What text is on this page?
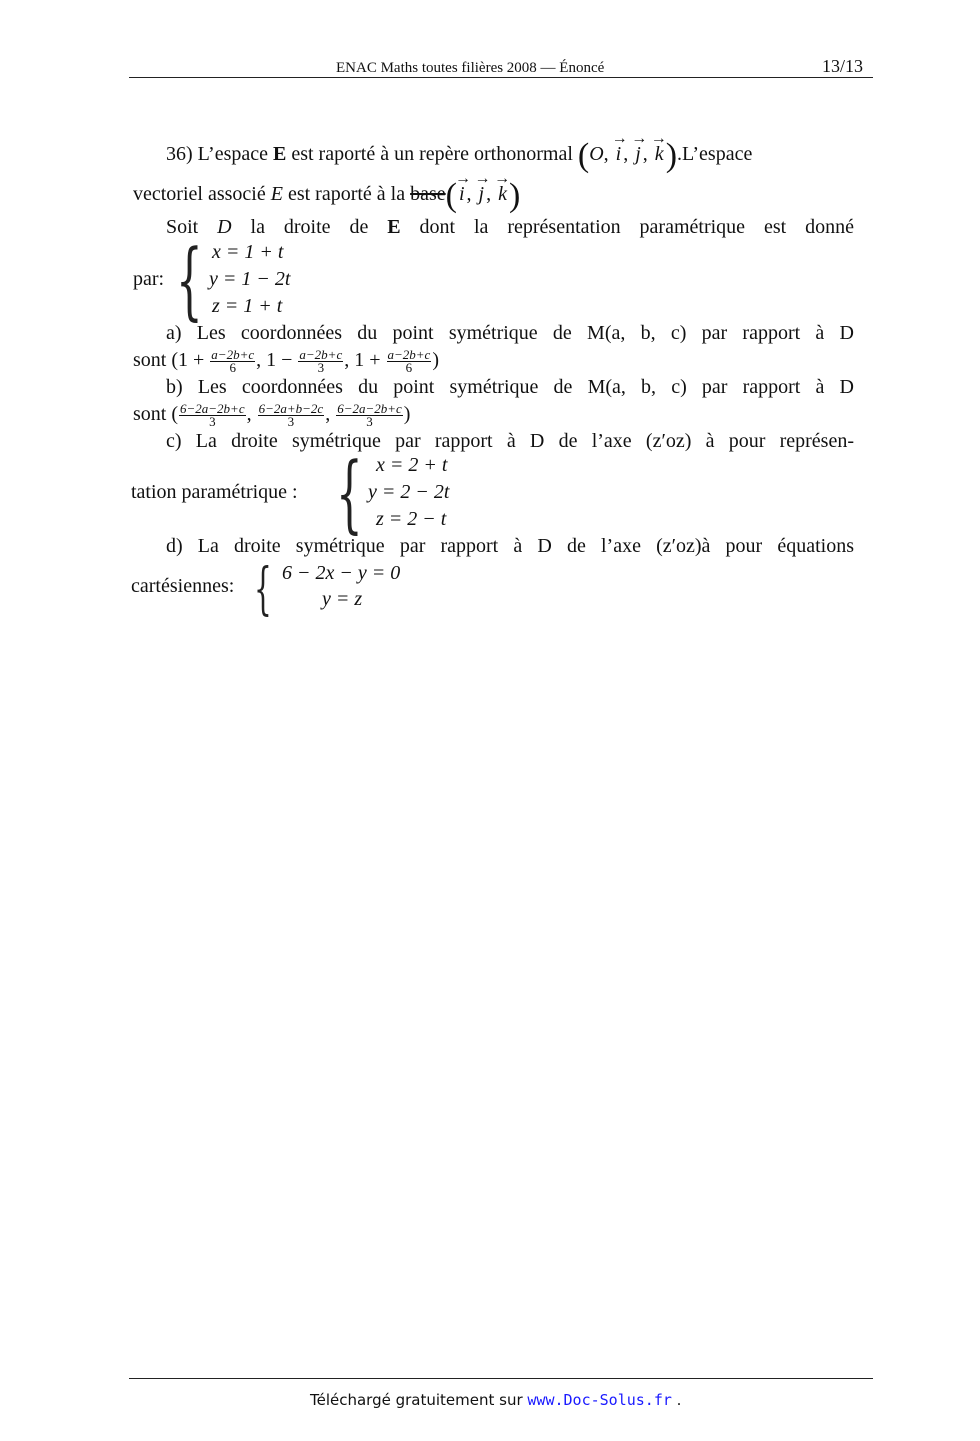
ENAC Maths toutes filières 2008 — Énoncé	13/13
36) L’espace E est raporté à un repère orthonormal (O, → i , → j , → k).L’espace
vectoriel associé E est raporté à la base( → i , → j , → k)
Soit D la droite de E dont la représentation paramétrique est donné
par: { x = 1 + t
y = 1 − 2t
z = 1 + t
a) Les coordonnées du point symétrique de M(a, b, c) par rapport à D
sont ($1 + \frac{a-2b+c}{6}$ , $1 - \frac{a-2b+c}{3}$ , $1 + \frac{a-2b+c}{6}$ )
b) Les coordonnées du point symétrique de M(a, b, c) par rapport à D
sont ( $\frac{6-2a-2b+c}{3}$ , $\frac{6-2a+b-2c}{3}$ , $\frac{6-2a-2b+c}{3}$ )
c) La droite symétrique par rapport à D de l’axe (z′oz) à pour représen-
tation paramétrique : { x = 2 + t
y = 2 − 2t
z = 2 − t
d) La droite symétrique par rapport à D de l’axe (z′oz)à pour équations
cartésiennes: { 6 − 2x − y = 0
y = z
Téléchargé gratuitement sur www.Doc-Solus.fr .
